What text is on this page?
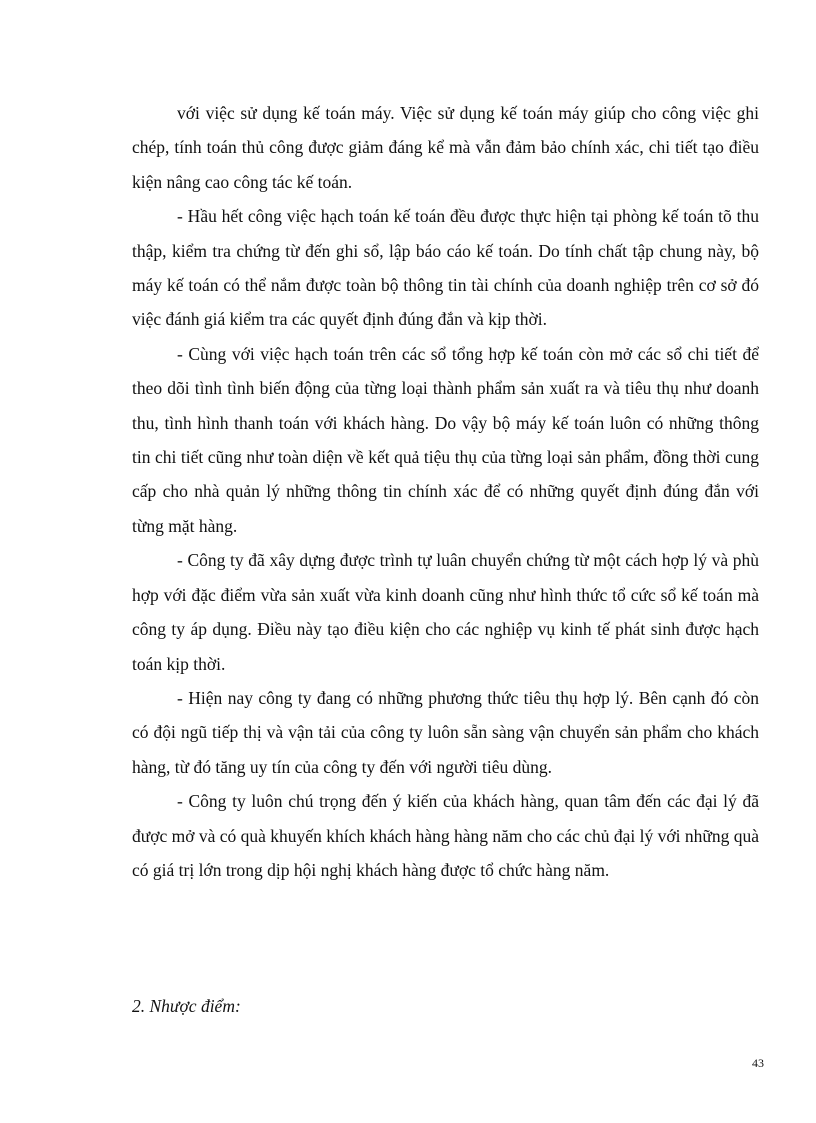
với việc sử dụng kế toán máy. Việc sử dụng kế toán máy giúp cho công việc ghi chép, tính toán thủ công được giảm đáng kể mà vẫn đảm bảo chính xác, chi tiết tạo điều kiện nâng cao công tác kế toán.

- Hầu hết công việc hạch toán kế toán đều được thực hiện tại phòng kế toán tõ thu thập, kiểm tra chứng từ đến ghi sổ, lập báo cáo kế toán. Do tính chất tập chung này, bộ máy kế toán có thể nắm được toàn bộ thông tin tài chính của doanh nghiệp trên cơ sở đó việc đánh giá kiểm tra các quyết định đúng đắn và kịp thời.

- Cùng với việc hạch toán trên các sổ tổng hợp kế toán còn mở các sổ chi tiết để theo dõi tình tình biến động của từng loại thành phẩm sản xuất ra và tiêu thụ như doanh thu, tình hình thanh toán với khách hàng. Do vậy bộ máy kế toán luôn có những thông tin chi tiết cũng như toàn diện về kết quả tiệu thụ của từng loại sản phẩm, đồng thời cung cấp cho nhà quản lý những thông tin chính xác để có những quyết định đúng đắn với từng mặt hàng.

- Công ty đã xây dựng được trình tự luân chuyển chứng từ một cách hợp lý và phù hợp với đặc điểm vừa sản xuất vừa kinh doanh cũng như hình thức tổ cức sổ kế toán mà công ty áp dụng. Điều này tạo điều kiện cho các nghiệp vụ kinh tế phát sinh được hạch toán kịp thời.

- Hiện nay công ty đang có những phương thức tiêu thụ hợp lý. Bên cạnh đó còn có đội ngũ tiếp thị và vận tải của công ty luôn sẵn sàng vận chuyển sản phẩm cho khách hàng, từ đó tăng uy tín của công ty đến với người tiêu dùng.

- Công ty luôn chú trọng đến ý kiến của khách hàng, quan tâm đến các đại lý đã được mở và có quà khuyến khích khách hàng hàng năm cho các chủ đại lý với những quà có giá trị lớn trong dịp hội nghị khách hàng được tổ chức hàng năm.

2. Nhược điểm:

43
